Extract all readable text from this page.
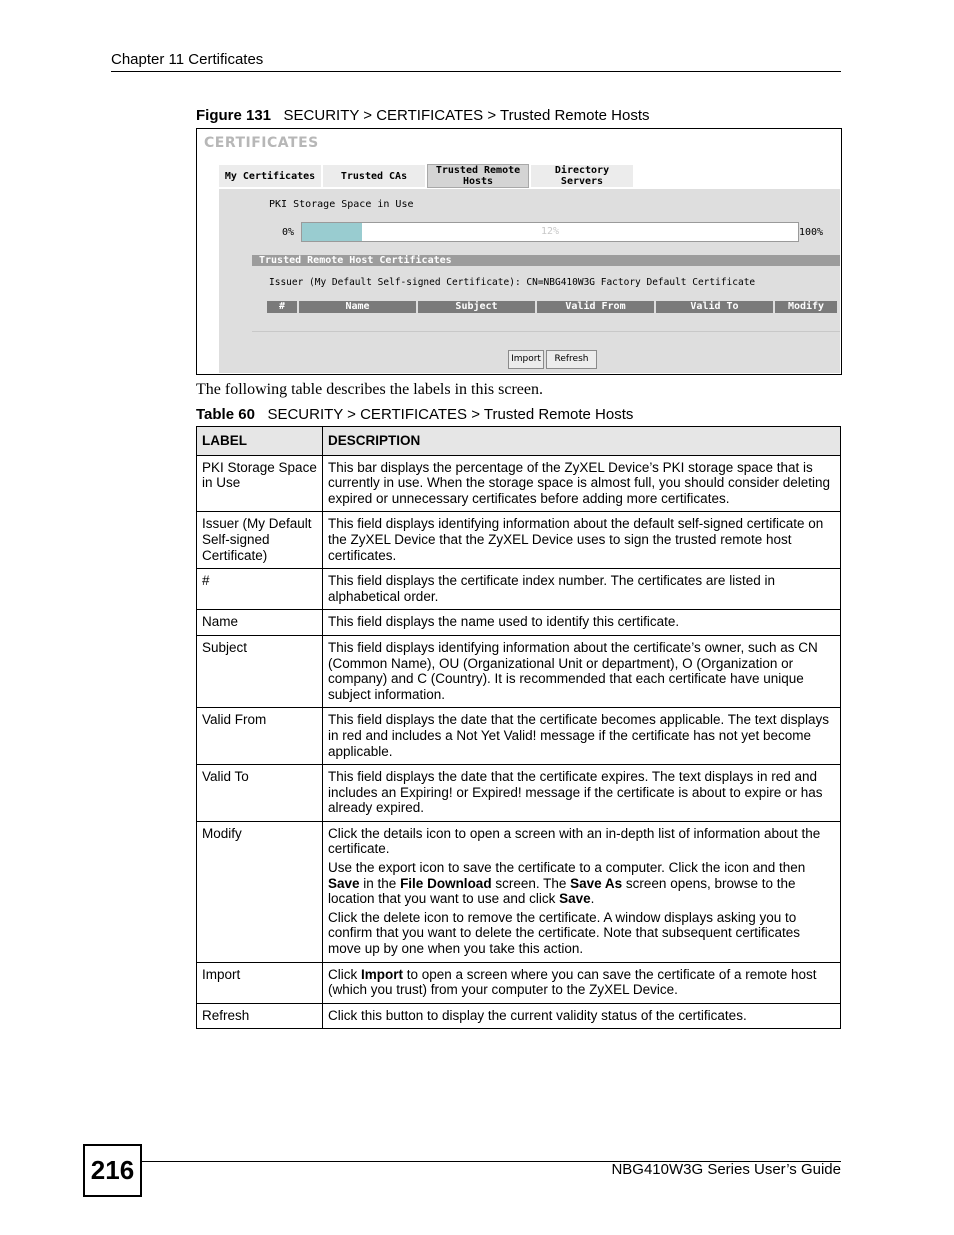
Chapter 11 Certificates
Figure 131 SECURITY > CERTIFICATES > Trusted Remote Hosts
CERTIFICATES
My Certificates	Trusted CAs	Trusted Remote Hosts
Directory Servers
PKI Storage Space in Use
0%	12%	100%
Trusted Remote Host Certificates
Issuer (My Default Self-signed Certificate): CN=NBG410W3G Factory Default Certificate
#	Name	Subject	Valid From	Valid To	Modify
Import	Refresh
The following table describes the labels in this screen.
Table 60 SECURITY > CERTIFICATES > Trusted Remote Hosts
LABEL	DESCRIPTION
PKI Storage Space in Use	This bar displays the percentage of the ZyXEL Device’s PKI storage space that is currently in use. When the storage space is almost full, you should consider deleting expired or unnecessary certificates before adding more certificates.

Issuer (My Default Self-signed Certificate)	This field displays identifying information about the default self-signed certificate on the ZyXEL Device that the ZyXEL Device uses to sign the trusted remote host certificates.

#	This field displays the certificate index number. The certificates are listed in alphabetical order.

Name	This field displays the name used to identify this certificate.

Subject	This field displays identifying information about the certificate’s owner, such as CN (Common Name), OU (Organizational Unit or department), O (Organization or company) and C (Country). It is recommended that each certificate have unique subject information.

Valid From	This field displays the date that the certificate becomes applicable. The text displays in red and includes a Not Yet Valid! message if the certificate has not yet become applicable.

Valid To	This field displays the date that the certificate expires. The text displays in red and includes an Expiring! or Expired! message if the certificate is about to expire or has already expired.

Modify	Click the details icon to open a screen with an in-depth list of information about the certificate.
Use the export icon to save the certificate to a computer. Click the icon and then Save in the File Download screen. The Save As screen opens, browse to the location that you want to use and click Save.
Click the delete icon to remove the certificate. A window displays asking you to confirm that you want to delete the certificate. Note that subsequent certificates move up by one when you take this action.

Import	Click Import to open a screen where you can save the certificate of a remote host (which you trust) from your computer to the ZyXEL Device.

Refresh	Click this button to display the current validity status of the certificates.
216	NBG410W3G Series User’s Guide
